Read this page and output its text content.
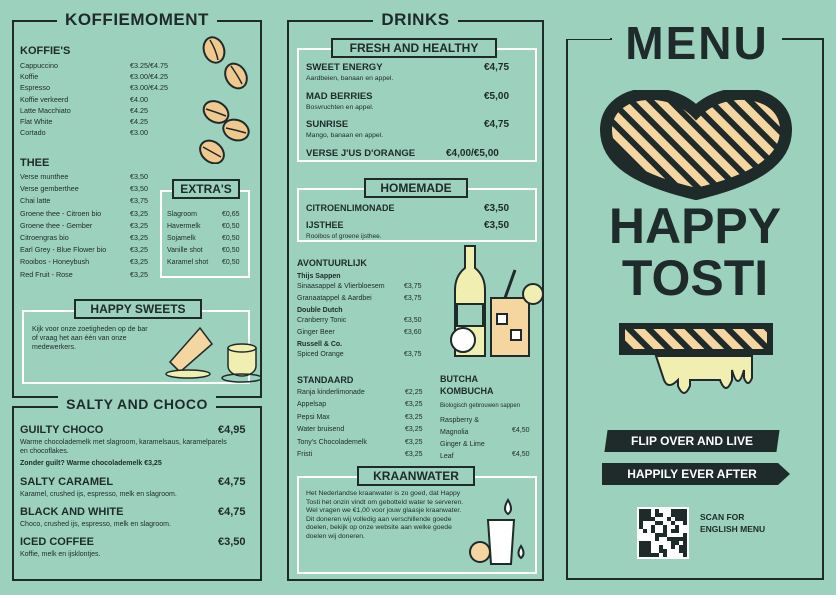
KOFFIEMOMENT
KOFFIE'S
Cappuccino	€3.25/€4.75
Koffie	€3.00/€4.25
Espresso	€3.00/€4.25
Koffie verkeerd	€4.00
Latte Macchiato	€4.25
Flat White	€4.25
Cortado	€3.00
THEE
Verse munthee	€3,50
Verse gemberthee	€3,50
Chai latte	€3,75
Groene thee - Citroen bio	€3,25
Groene thee - Gember	€3,25
Citroengras bio	€3,25
Earl Grey - Blue Flower bio	€3,25
Rooibos - Honeybush	€3,25
Red Fruit - Rose	€3,25
EXTRA'S
Slagroom	€0,65
Havermelk	€0,50
Sojamelk	€0,50
Vanille shot	€0,50
Karamel shot €0,50
HAPPY SWEETS
Kijk voor onze zoetigheden op de bar of vraag het aan één van onze medewerkers.
SALTY AND CHOCO
GUILTY CHOCO	€4,95
Warme chocolademelk met slagroom, karamelsaus, karamelparels en chocoflakes.
Zonder guilt? Warme chocolademelk €3,25
SALTY CARAMEL	€4,75
Karamel, crushed ijs, espresso, melk en slagroom.
BLACK AND WHITE	€4,75
Choco, crushed ijs, espresso, melk en slagroom.
ICED COFFEE	€3,50
Koffie, melk en ijsklontjes.
DRINKS
FRESH AND HEALTHY
SWEET ENERGY	€4,75
Aardbeien, banaan en appel.
MAD BERRIES	€5,00
Bosvruchten en appel.
SUNRISE	€4,75
Mango, banaan en appel.
VERSE J'US D'ORANGE	€4,00/€5,00
HOMEMADE
CITROENLIMONADE	€3,50
IJSTHEE	€3,50
Rooibos of groene ijsthee.
AVONTUURLIJK
Thijs Sappen
Sinaasappel & Vlierbloesem	€3,75
Granaatappel & Aardbei	€3,75
Double Dutch
Cranberry Tonic	€3,50
Ginger Beer	€3,60
Russell & Co.
Spiced Orange	€3,75
STANDAARD
Ranja kinderlimonade	€2,25
Appelsap	€3,25
Pepsi Max	€3,25
Water bruisend	€3,25
Tony's Chocolademelk	€3,25
Fristi	€3,25
BUTCHA
KOMBUCHA
Biologisch gebrouwen sappen
Raspberry & Magnolia	€4,50
Ginger & Lime Leaf	€4,50
KRAANWATER
Het Nederlandse kraanwater is zo goed, dat Happy Tosti het onzin vindt om gebotteld water te serveren. Wel vragen we €1,00 voor jouw glaasje kraanwater. Dit doneren wij volledig aan verschillende goede doelen, bekijk op onze website aan welke goede doelen wij doneren.
MENU
HAPPY
TOSTI
FLIP OVER AND LIVE
HAPPILY EVER AFTER
SCAN FOR ENGLISH MENU
